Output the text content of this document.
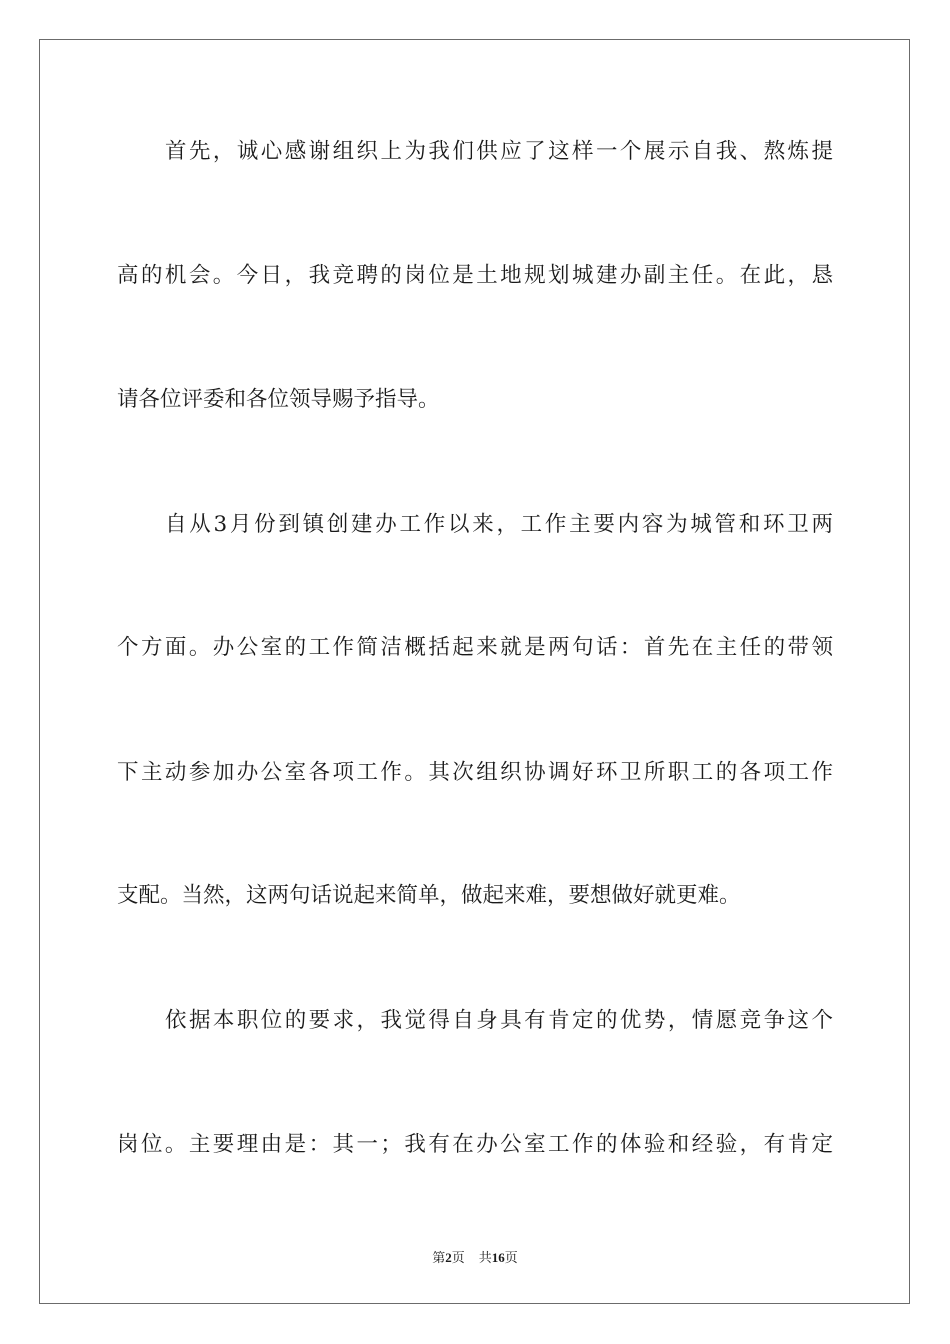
首先，诚心感谢组织上为我们供应了这样一个展示自我、熬炼提
高的机会。今日，我竞聘的岗位是土地规划城建办副主任。在此，恳
请各位评委和各位领导赐予指导。
自从3月份到镇创建办工作以来，工作主要内容为城管和环卫两
个方面。办公室的工作简洁概括起来就是两句话：首先在主任的带领
下主动参加办公室各项工作。其次组织协调好环卫所职工的各项工作
支配。当然，这两句话说起来简单，做起来难，要想做好就更难。
依据本职位的要求，我觉得自身具有肯定的优势，情愿竞争这个
岗位。主要理由是：其一；我有在办公室工作的体验和经验，有肯定
第2页 共16页
